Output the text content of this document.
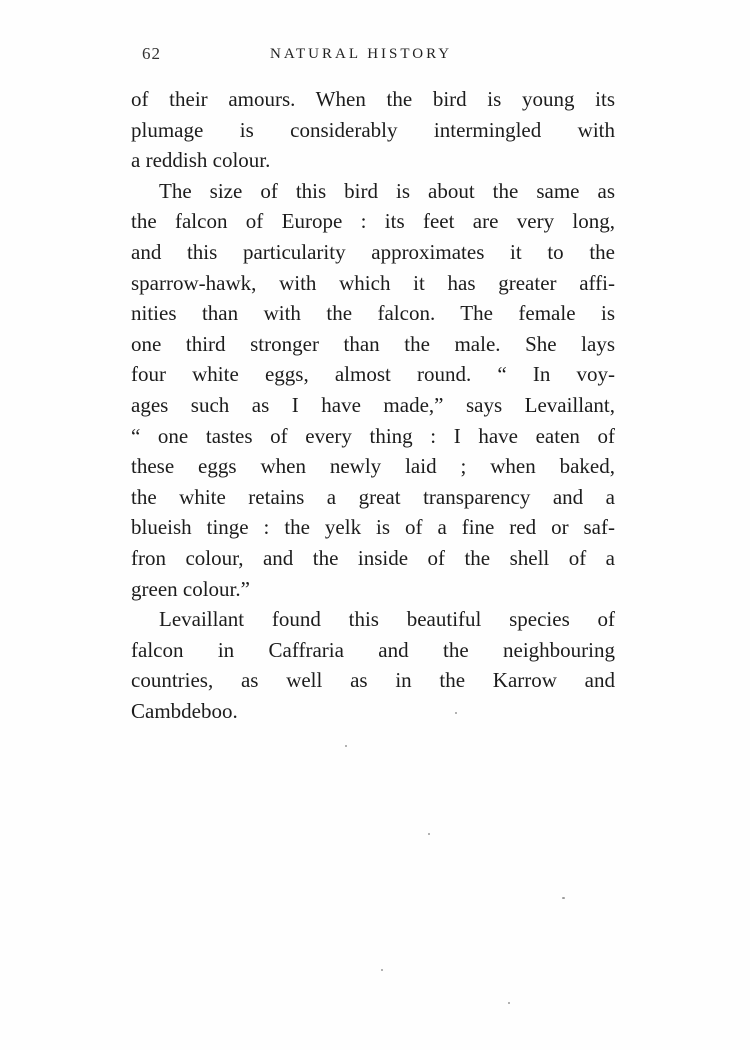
62	NATURAL HISTORY
of their amours. When the bird is young its
plumage is considerably intermingled with
a reddish colour.
The size of this bird is about the same as
the falcon of Europe : its feet are very long,
and this particularity approximates it to the
sparrow-hawk, with which it has greater affi-
nities than with the falcon. The female is
one third stronger than the male. She lays
four white eggs, almost round. “ In voy-
ages such as I have made,” says Levaillant,
“ one tastes of every thing : I have eaten of
these eggs when newly laid ; when baked,
the white retains a great transparency and a
blueish tinge : the yelk is of a fine red or saf-
fron colour, and the inside of the shell of a
green colour.”
Levaillant found this beautiful species of
falcon in Caffraria and the neighbouring
countries, as well as in the Karrow and
Cambdeboo.
